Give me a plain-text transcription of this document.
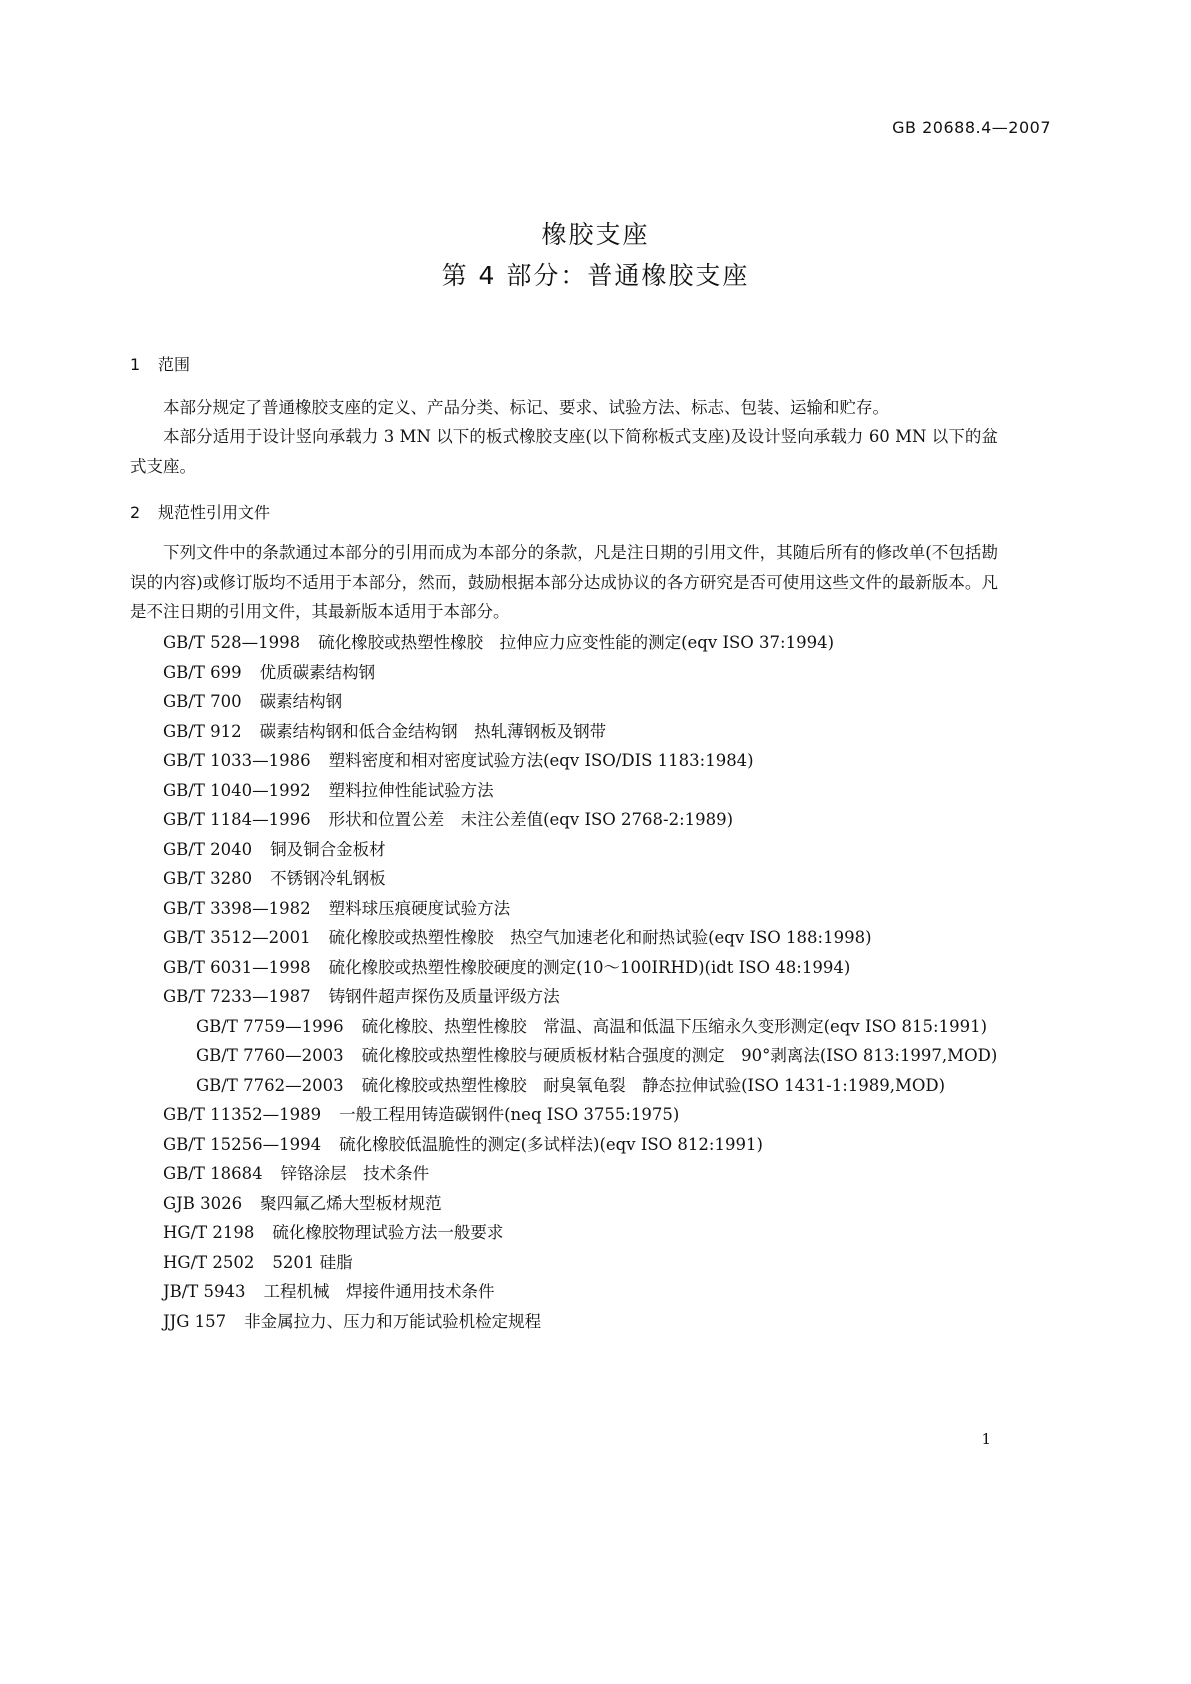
GB 20688.4—2007
橡胶支座
第 4 部分：普通橡胶支座
1 范围

本部分规定了普通橡胶支座的定义、产品分类、标记、要求、试验方法、标志、包装、运输和贮存。

本部分适用于设计竖向承载力 3 MN 以下的板式橡胶支座(以下简称板式支座)及设计竖向承载力 60 MN 以下的盆式支座。

2 规范性引用文件

下列文件中的条款通过本部分的引用而成为本部分的条款，凡是注日期的引用文件，其随后所有的修改单(不包括勘误的内容)或修订版均不适用于本部分，然而，鼓励根据本部分达成协议的各方研究是否可使用这些文件的最新版本。凡是不注日期的引用文件，其最新版本适用于本部分。

GB/T 528—1998 硫化橡胶或热塑性橡胶　拉伸应力应变性能的测定(eqv ISO 37:1994)

GB/T 699 优质碳素结构钢

GB/T 700 碳素结构钢

GB/T 912 碳素结构钢和低合金结构钢　热轧薄钢板及钢带

GB/T 1033—1986 塑料密度和相对密度试验方法(eqv ISO/DIS 1183:1984)

GB/T 1040—1992 塑料拉伸性能试验方法

GB/T 1184—1996 形状和位置公差　未注公差值(eqv ISO 2768-2:1989)

GB/T 2040 铜及铜合金板材

GB/T 3280 不锈钢冷轧钢板

GB/T 3398—1982 塑料球压痕硬度试验方法

GB/T 3512—2001 硫化橡胶或热塑性橡胶　热空气加速老化和耐热试验(eqv ISO 188:1998)

GB/T 6031—1998 硫化橡胶或热塑性橡胶硬度的测定(10～100IRHD)(idt ISO 48:1994)

GB/T 7233—1987 铸钢件超声探伤及质量评级方法

GB/T 7759—1996 硫化橡胶、热塑性橡胶　常温、高温和低温下压缩永久变形测定(eqv ISO 815:1991)

GB/T 7760—2003 硫化橡胶或热塑性橡胶与硬质板材粘合强度的测定　90°剥离法(ISO 813:1997,MOD)

GB/T 7762—2003 硫化橡胶或热塑性橡胶　耐臭氧龟裂　静态拉伸试验(ISO 1431-1:1989,MOD)

GB/T 11352—1989 一般工程用铸造碳钢件(neq ISO 3755:1975)

GB/T 15256—1994 硫化橡胶低温脆性的测定(多试样法)(eqv ISO 812:1991)

GB/T 18684 锌铬涂层　技术条件

GJB 3026 聚四氟乙烯大型板材规范

HG/T 2198 硫化橡胶物理试验方法一般要求

HG/T 2502 5201 硅脂

JB/T 5943 工程机械　焊接件通用技术条件

JJG 157 非金属拉力、压力和万能试验机检定规程

1
